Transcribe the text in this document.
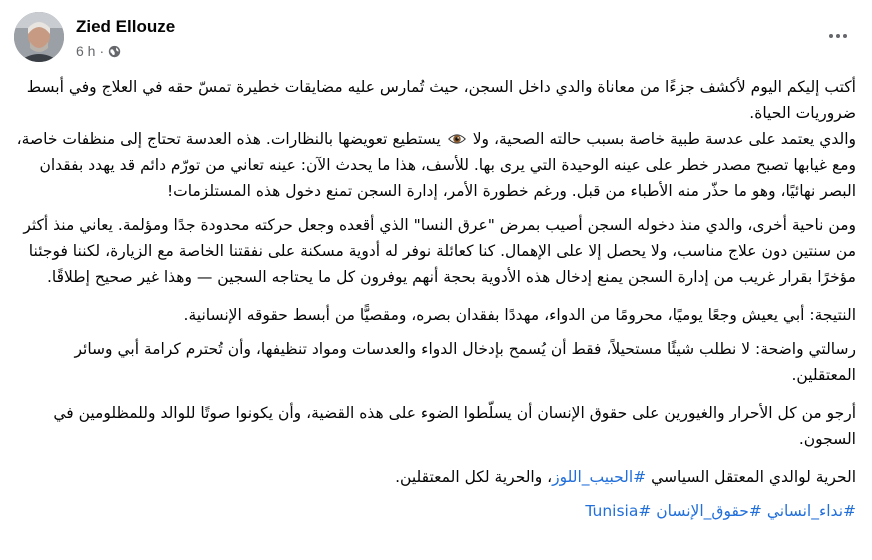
Zied Ellouze
6 h ·

أكتب إليكم اليوم لأكشف جزءًا من معاناة والدي داخل السجن، حيث تُمارس عليه مضايقات خطيرة تمسّ حقه في العلاج وفي أبسط ضروريات الحياة.
والدي يعتمد على عدسة طبية خاصة بسبب حالته الصحية، ولا  يستطيع تعويضها بالنظارات. هذه العدسة تحتاج إلى منظفات خاصة، ومع غيابها تصبح مصدر خطر على عينه الوحيدة التي يرى بها. للأسف، هذا ما يحدث الآن: عينه تعاني من تورّم دائم قد يهدد بفقدان البصر نهائيًا، وهو ما حذّر منه الأطباء من قبل. ورغم خطورة الأمر، إدارة السجن تمنع دخول هذه المستلزمات!

ومن ناحية أخرى، والدي منذ دخوله السجن أصيب بمرض "عرق النسا" الذي أقعده وجعل حركته محدودة جدًا ومؤلمة. يعاني منذ أكثر من سنتين دون علاج مناسب، ولا يحصل إلا على الإهمال. كنا كعائلة نوفر له أدوية مسكنة على نفقتنا الخاصة مع الزيارة، لكننا فوجئنا مؤخرًا بقرار غريب من إدارة السجن يمنع إدخال هذه الأدوية بحجة أنهم يوفرون كل ما يحتاجه السجين — وهذا غير صحيح إطلاقًا.

النتيجة: أبي يعيش وجعًا يوميًا، محرومًا من الدواء، مهددًا بفقدان بصره، ومقصيًّا من أبسط حقوقه الإنسانية.

رسالتي واضحة: لا نطلب شيئًا مستحيلاً، فقط أن يُسمح بإدخال الدواء والعدسات ومواد تنظيفها، وأن تُحترم كرامة أبي وسائر المعتقلين.

أرجو من كل الأحرار والغيورين على حقوق الإنسان أن يسلّطوا الضوء على هذه القضية، وأن يكونوا صوتًا للوالد وللمظلومين في السجون.

الحرية لوالدي المعتقل السياسي #الحبيب_اللوز، والحرية لكل المعتقلين.

#نداء_انساني #حقوق_الإنسان #Tunisia
